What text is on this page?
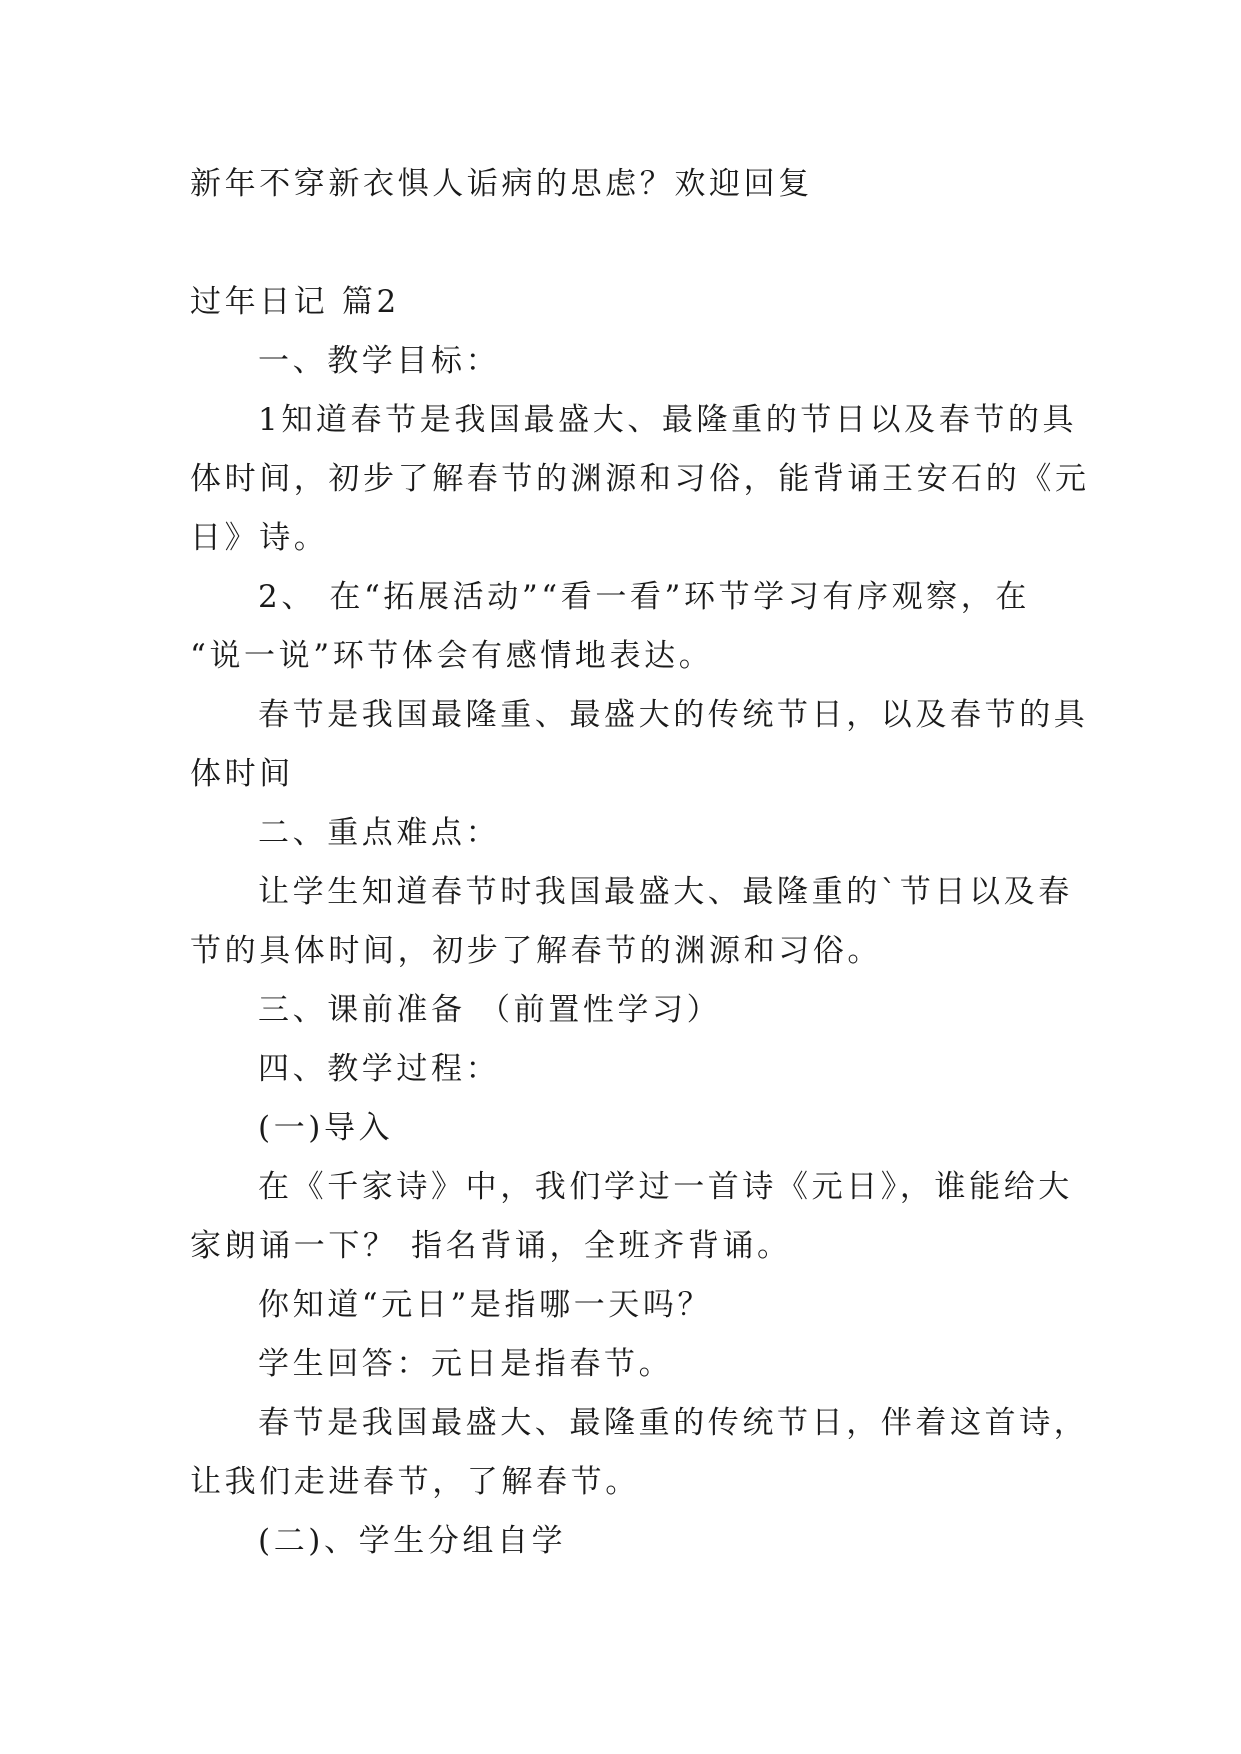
新年不穿新衣惧人诟病的思虑？欢迎回复
过年日记 篇2
一、教学目标：
1知道春节是我国最盛大、最隆重的节日以及春节的具
体时间，初步了解春节的渊源和习俗，能背诵王安石的《元
日》诗。
2、 在“拓展活动”“看一看”环节学习有序观察，在
“说一说”环节体会有感情地表达。
春节是我国最隆重、最盛大的传统节日，以及春节的具
体时间
二、重点难点：
让学生知道春节时我国最盛大、最隆重的`节日以及春
节的具体时间，初步了解春节的渊源和习俗。
三、课前准备 （前置性学习）
四、教学过程：
(一)导入
在《千家诗》中，我们学过一首诗《元日》，谁能给大
家朗诵一下？ 指名背诵，全班齐背诵。
你知道“元日”是指哪一天吗？
学生回答：元日是指春节。
春节是我国最盛大、最隆重的传统节日，伴着这首诗，
让我们走进春节，了解春节。
(二)、学生分组自学
